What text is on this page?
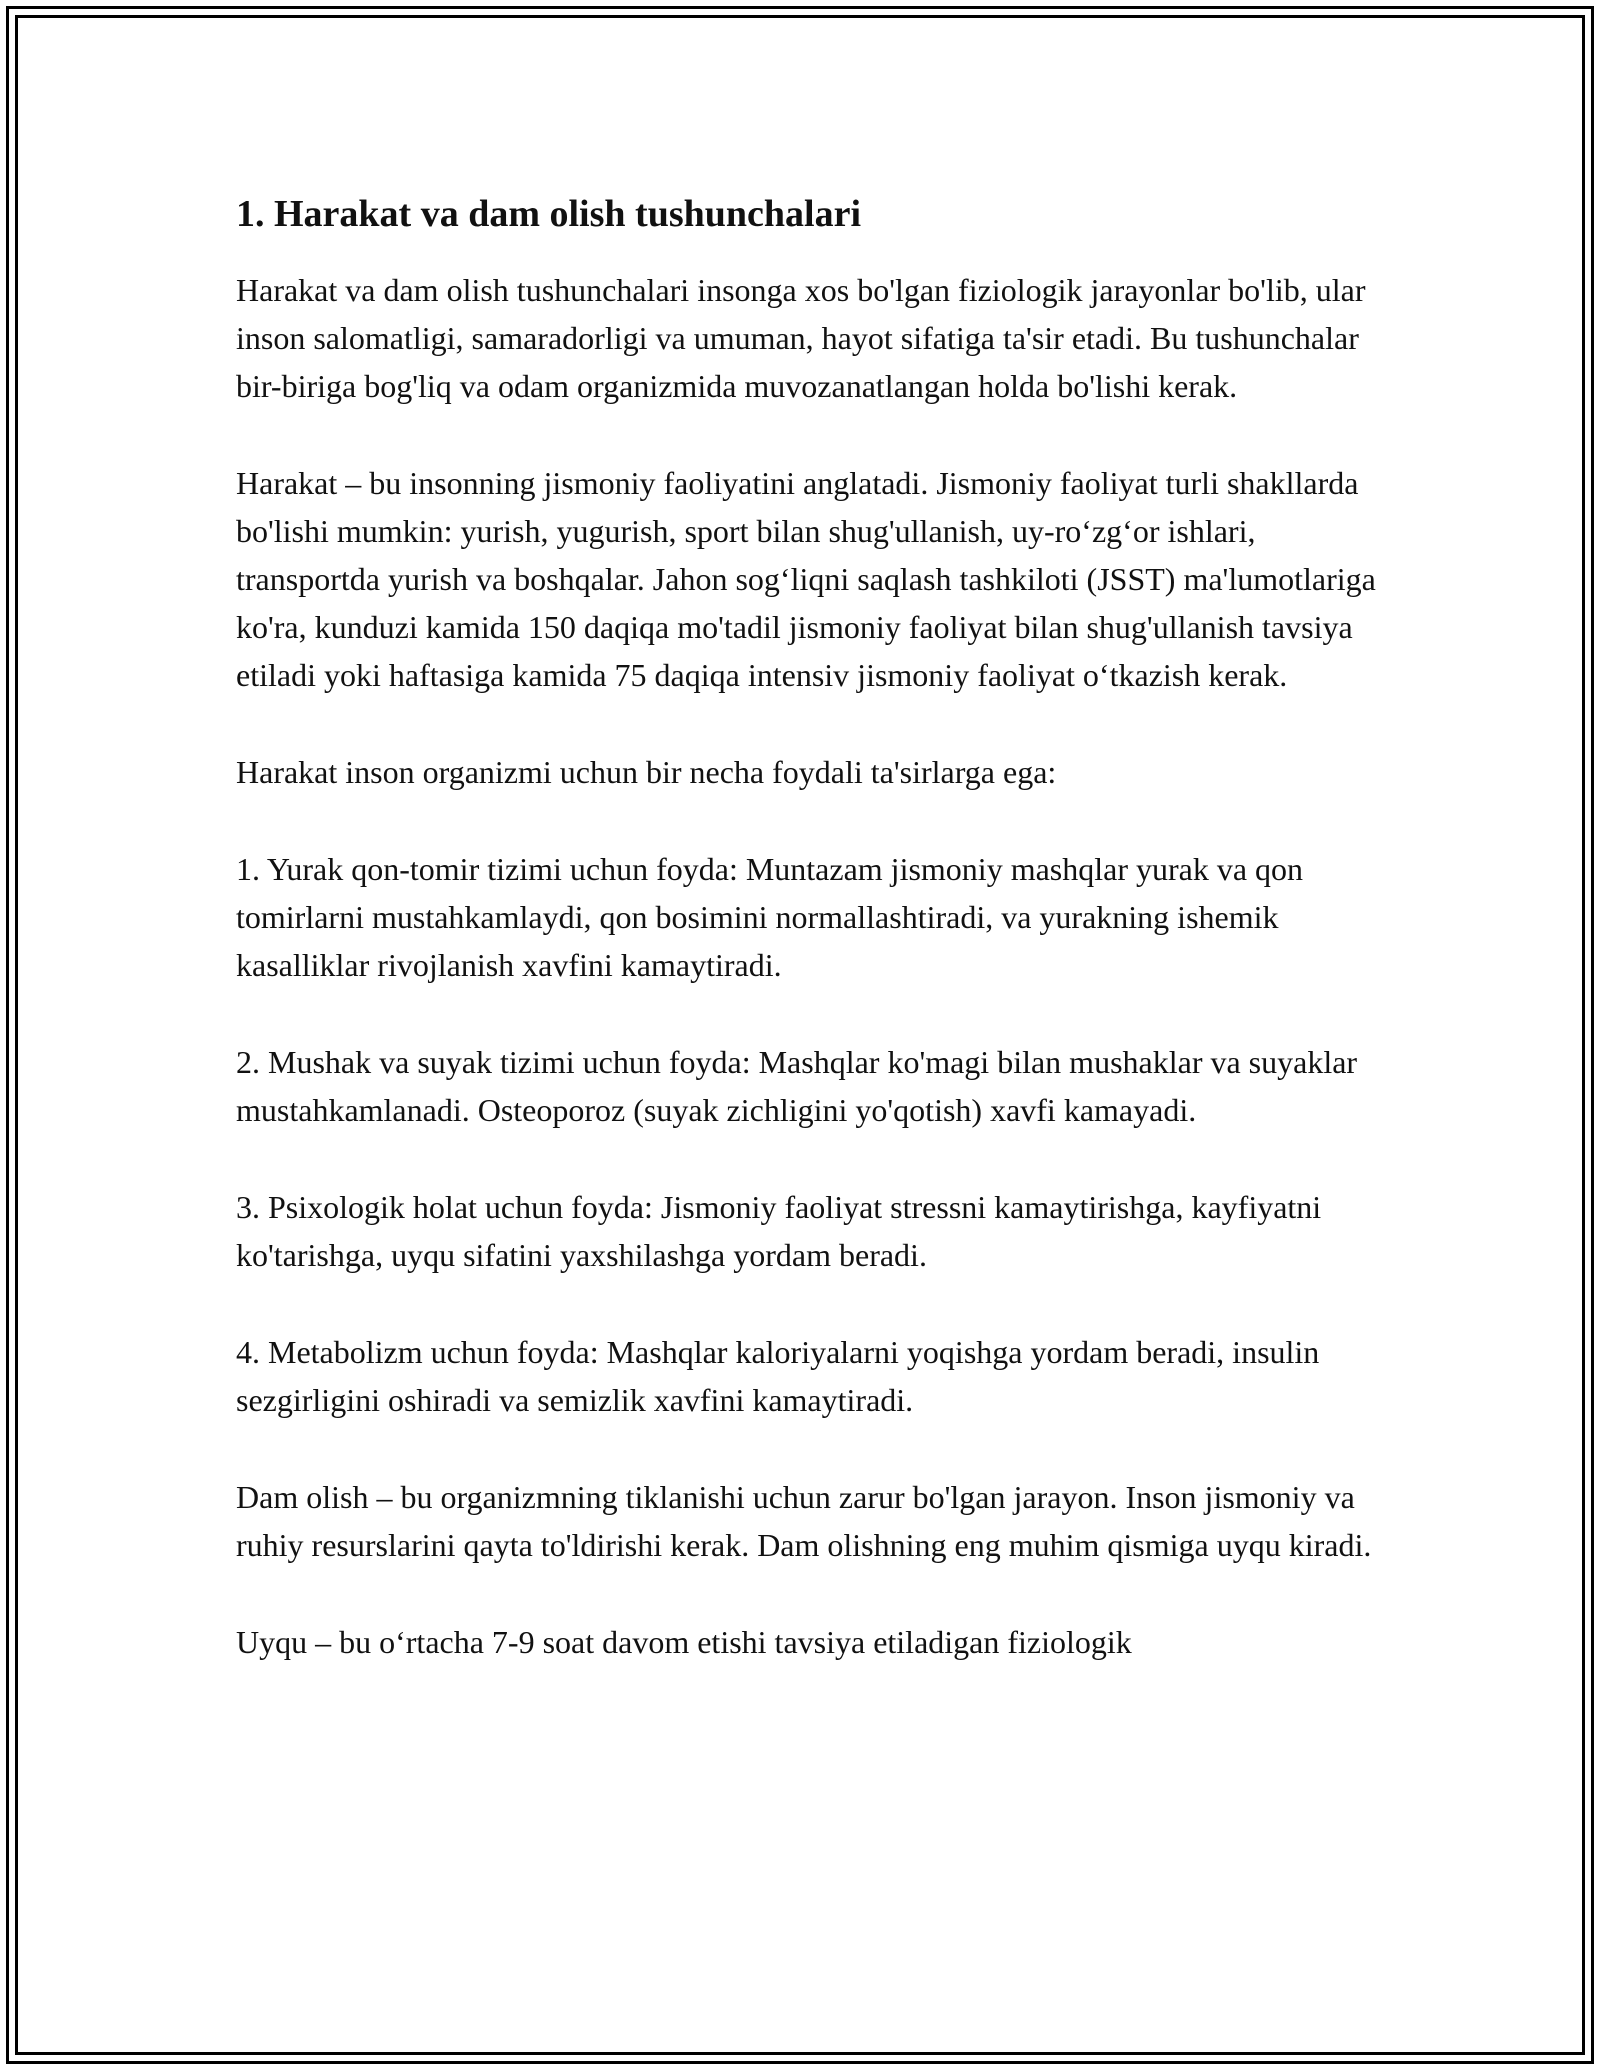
1. Harakat va dam olish tushunchalari

Harakat va dam olish tushunchalari insonga xos bo'lgan fiziologik jarayonlar bo'lib, ular inson salomatligi, samaradorligi va umuman, hayot sifatiga ta'sir etadi. Bu tushunchalar bir-biriga bog'liq va odam organizmida muvozanatlangan holda bo'lishi kerak.

Harakat – bu insonning jismoniy faoliyatini anglatadi. Jismoniy faoliyat turli shakllarda bo'lishi mumkin: yurish, yugurish, sport bilan shug'ullanish, uy-ro‘zg‘or ishlari, transportda yurish va boshqalar. Jahon sog‘liqni saqlash tashkiloti (JSST) ma'lumotlariga ko'ra, kunduzi kamida 150 daqiqa mo'tadil jismoniy faoliyat bilan shug'ullanish tavsiya etiladi yoki haftasiga kamida 75 daqiqa intensiv jismoniy faoliyat o‘tkazish kerak.

Harakat inson organizmi uchun bir necha foydali ta'sirlarga ega:

1. Yurak qon-tomir tizimi uchun foyda: Muntazam jismoniy mashqlar yurak va qon tomirlarni mustahkamlaydi, qon bosimini normallashtiradi, va yurakning ishemik kasalliklar rivojlanish xavfini kamaytiradi.

2. Mushak va suyak tizimi uchun foyda: Mashqlar ko'magi bilan mushaklar va suyaklar mustahkamlanadi. Osteoporoz (suyak zichligini yo'qotish) xavfi kamayadi.

3. Psixologik holat uchun foyda: Jismoniy faoliyat stressni kamaytirishga, kayfiyatni ko'tarishga, uyqu sifatini yaxshilashga yordam beradi.

4. Metabolizm uchun foyda: Mashqlar kaloriyalarni yoqishga yordam beradi, insulin sezgirligini oshiradi va semizlik xavfini kamaytiradi.

Dam olish – bu organizmning tiklanishi uchun zarur bo'lgan jarayon. Inson jismoniy va ruhiy resurslarini qayta to'ldirishi kerak. Dam olishning eng muhim qismiga uyqu kiradi.

Uyqu – bu o‘rtacha 7-9 soat davom etishi tavsiya etiladigan fiziologik
